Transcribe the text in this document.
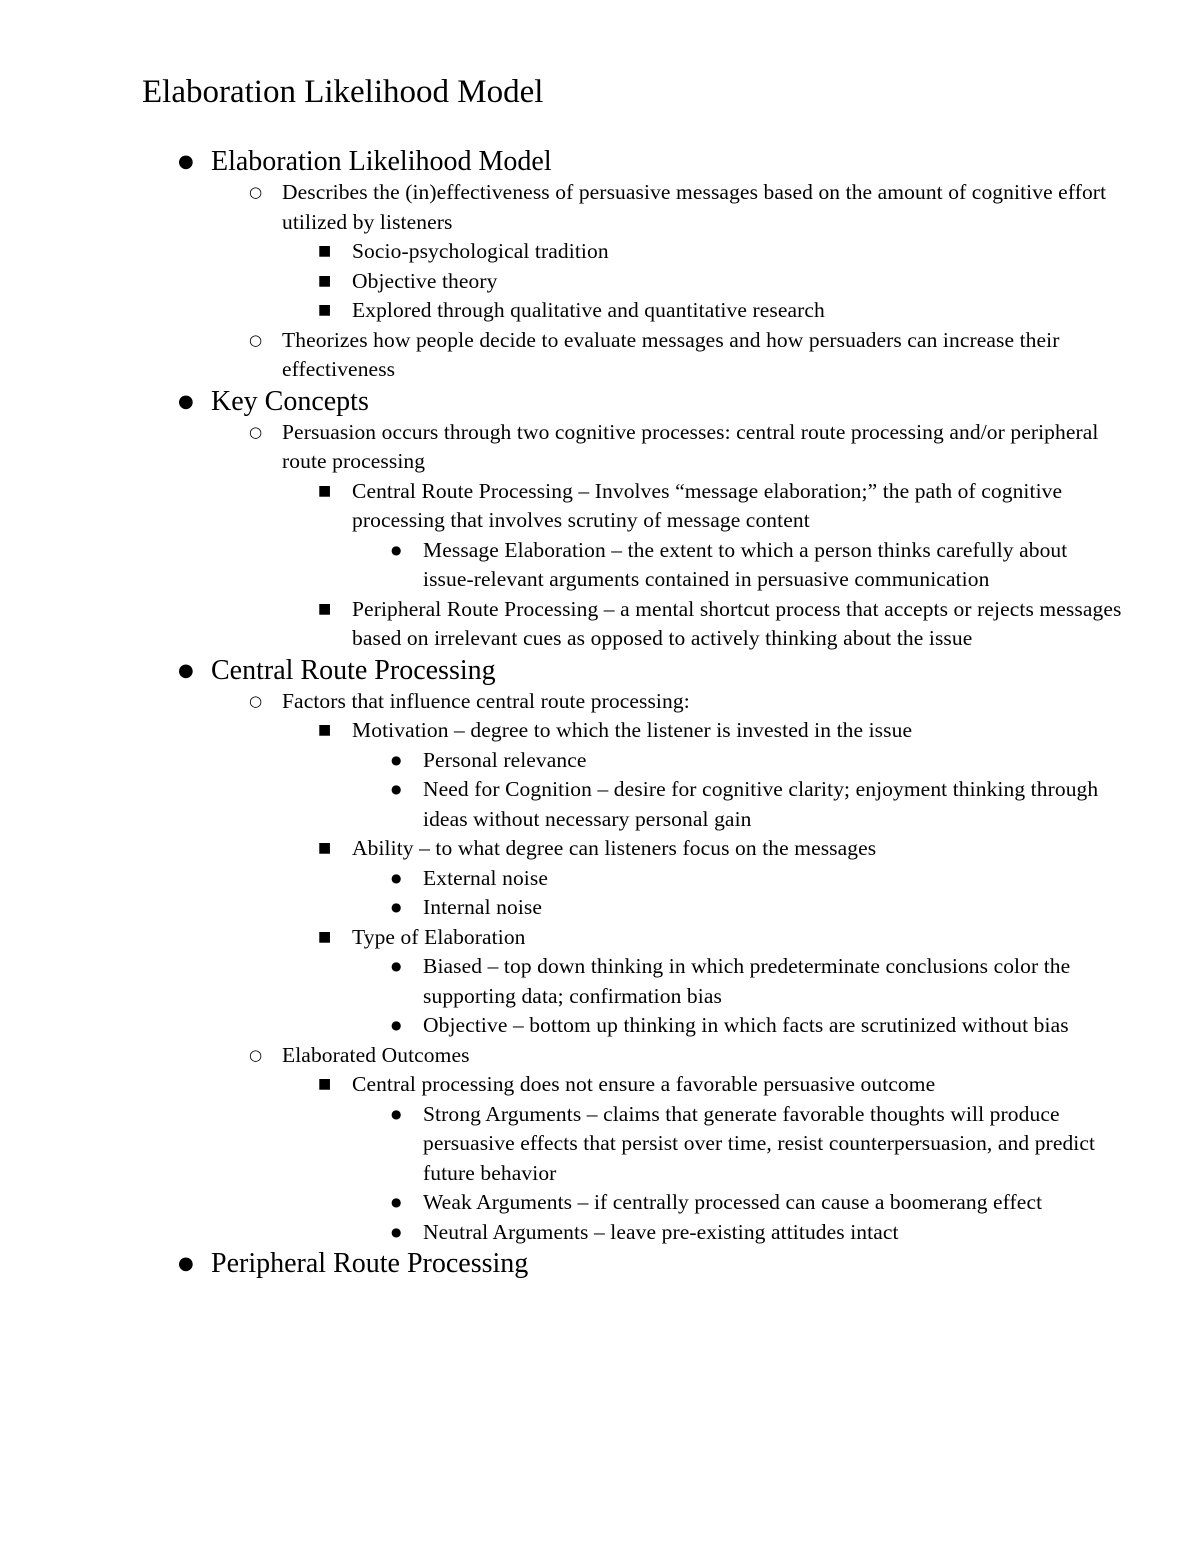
Elaboration Likelihood Model
● Elaboration Likelihood Model
○ Describes the (in)effectiveness of persuasive messages based on the amount of cognitive effort utilized by listeners
■ Socio-psychological tradition
■ Objective theory
■ Explored through qualitative and quantitative research
○ Theorizes how people decide to evaluate messages and how persuaders can increase their effectiveness
● Key Concepts
○ Persuasion occurs through two cognitive processes: central route processing and/or peripheral route processing
■ Central Route Processing – Involves “message elaboration;” the path of cognitive processing that involves scrutiny of message content
● Message Elaboration – the extent to which a person thinks carefully about issue-relevant arguments contained in persuasive communication
■ Peripheral Route Processing – a mental shortcut process that accepts or rejects messages based on irrelevant cues as opposed to actively thinking about the issue
● Central Route Processing
○ Factors that influence central route processing:
■ Motivation – degree to which the listener is invested in the issue
● Personal relevance
● Need for Cognition – desire for cognitive clarity; enjoyment thinking through ideas without necessary personal gain
■ Ability – to what degree can listeners focus on the messages
● External noise
● Internal noise
■ Type of Elaboration
● Biased – top down thinking in which predeterminate conclusions color the supporting data; confirmation bias
● Objective – bottom up thinking in which facts are scrutinized without bias
○ Elaborated Outcomes
■ Central processing does not ensure a favorable persuasive outcome
● Strong Arguments – claims that generate favorable thoughts will produce persuasive effects that persist over time, resist counterpersuasion, and predict future behavior
● Weak Arguments – if centrally processed can cause a boomerang effect
● Neutral Arguments – leave pre-existing attitudes intact
● Peripheral Route Processing
